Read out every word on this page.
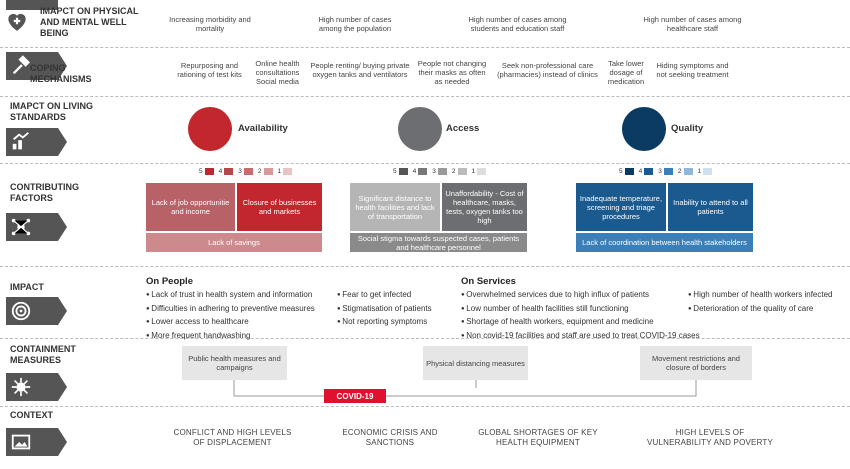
IMAPCT ON PHYSICAL AND MENTAL WELL BEING
Increasing morbidity and mortality
High number of cases among the population
High number of cases among students and education staff
High number of cases among healthcare staff
COPING MECHANISMS
Repurposing and rationing of test kits
Online health consultations Social media
People renting/ buying private oxygen tanks and ventilators
People not changing their masks as often as needed
Seek non-professional care (pharmacies) instead of clinics
Take lower dosage of medication
Hiding symptoms and not seeking treatment
IMAPCT ON LIVING STANDARDS
Availability	Access	Quality
CONTRIBUTING FACTORS
5 4 3 2 1	5 4 3 2 1	5 4 3 2 1
Lack of job opportunitie and income
Closure of businesses and markets
Lack of savings
Significant distance to health facilities and lack of transportation
Unaffordability - Cost of healthcare, masks, tests, oxygen tanks too high
Social stigma towards suspected cases, patients and healthcare personnel
Inadequate temperature, screening and triage procedures
Inability to attend to all patients
Lack of coordination between health stakeholders
IMPACT	On People
● Lack of trust in health system and information
● Difficulties in adhering to preventive measures
● Lower access to healthcare
● More frequent handwashing
● Fear to get infected
● Stigmatisation of patients
● Not reporting symptoms
On Services
● Overwhelmed services due to high influx of patients
● Low number of health facilities still functioning
● Shortage of health workers, equipment and medicine
● Non covid-19 facilities and staff are used to treat COVID-19 cases
● High number of health workers infected
● Deterioration of the quality of care
CONTAINMENT MEASURES	Public health measures and campaigns	Physical distancing measures	Movement restrictions and closure of borders
COVID-19
CONTEXT
CONFLICT AND HIGH LEVELS OF DISPLACEMENT
ECONOMIC CRISIS AND SANCTIONS
GLOBAL SHORTAGES OF KEY HEALTH EQUIPMENT
HIGH LEVELS OF VULNERABILITY AND POVERTY
